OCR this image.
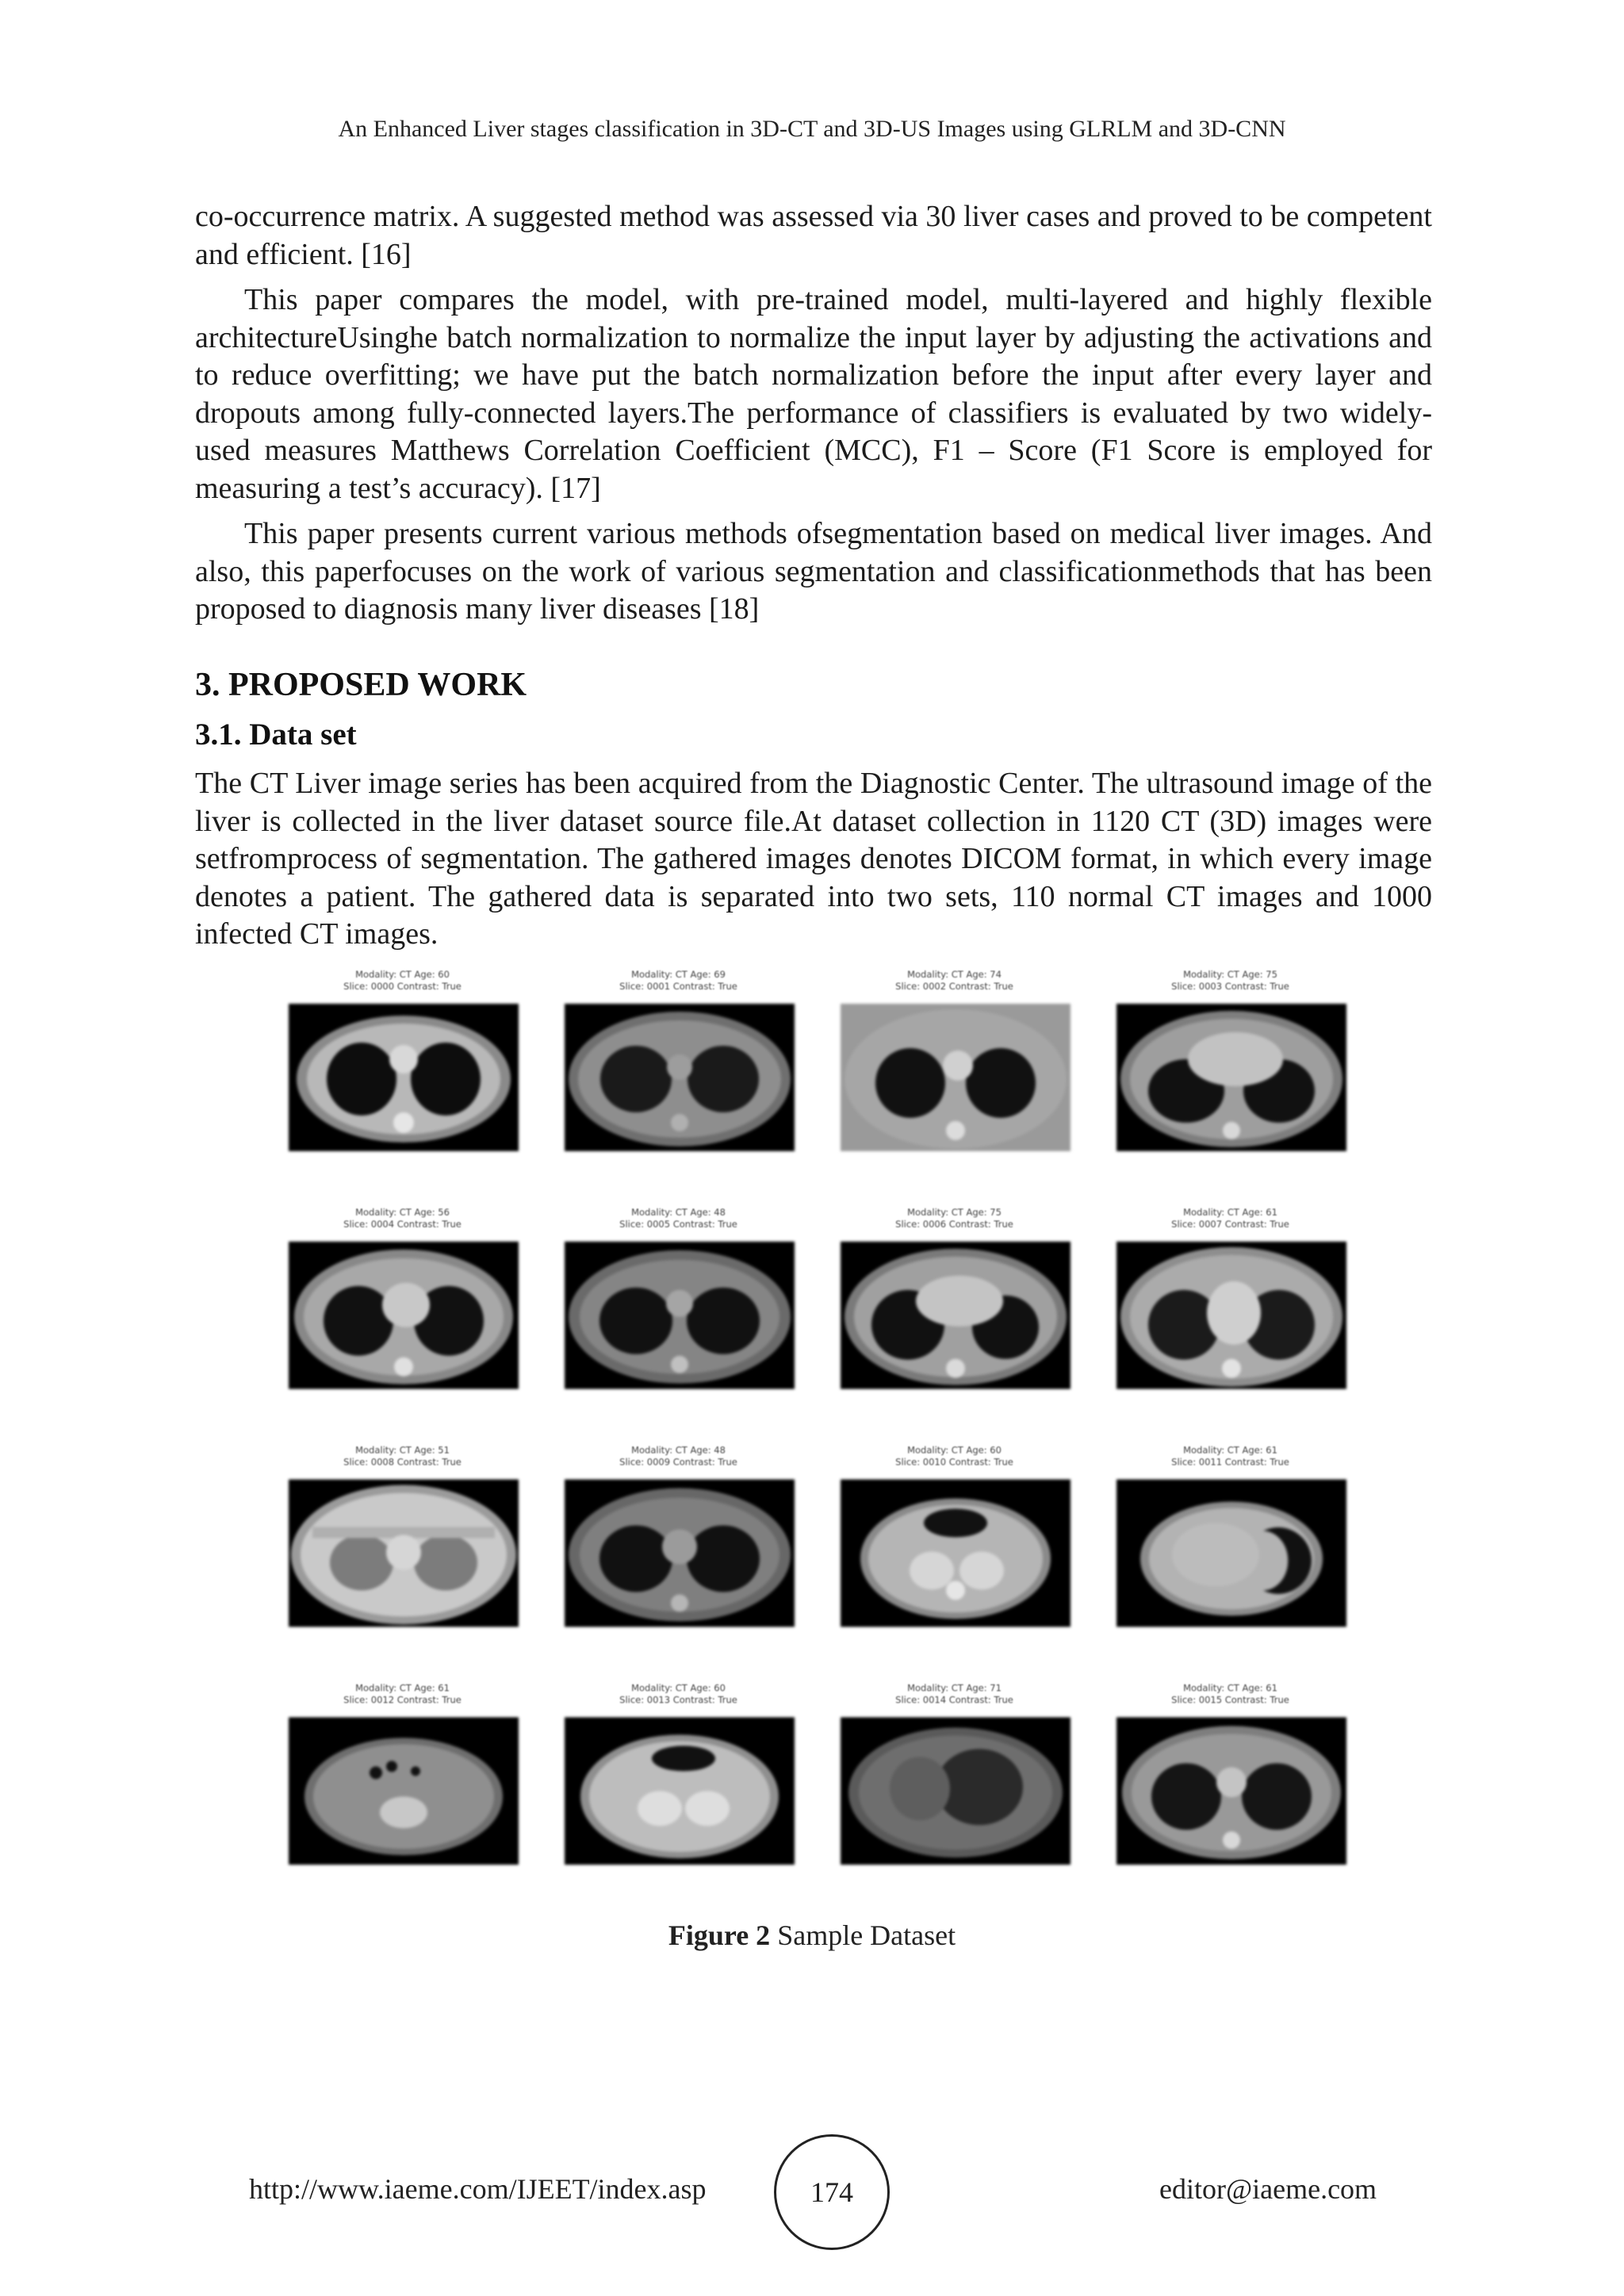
An Enhanced Liver stages classification in 3D-CT and 3D-US Images using GLRLM and 3D-CNN

co-occurrence matrix. A suggested method was assessed via 30 liver cases and proved to be competent and efficient. [16]

This paper compares the model, with pre-trained model, multi-layered and highly flexible architectureUsinghe batch normalization to normalize the input layer by adjusting the activations and to reduce overfitting; we have put the batch normalization before the input after every layer and dropouts among fully-connected layers.The performance of classifiers is evaluated by two widely-used measures Matthews Correlation Coefficient (MCC), F1 – Score (F1 Score is employed for measuring a test’s accuracy). [17]

This paper presents current various methods ofsegmentation based on medical liver images. And also, this paperfocuses on the work of various segmentation and classificationmethods that has been proposed to diagnosis many liver diseases [18]

3. PROPOSED WORK
3.1. Data set

The CT Liver image series has been acquired from the Diagnostic Center. The ultrasound image of the liver is collected in the liver dataset source file.At dataset collection in 1120 CT (3D) images were setfromprocess of segmentation. The gathered images denotes DICOM format, in which every image denotes a patient. The gathered data is separated into two sets, 110 normal CT images and 1000 infected CT images.

Modality: CT Age: 60
Slice: 0000 Contrast: True
Modality: CT Age: 69
Slice: 0001 Contrast: True
Modality: CT Age: 74
Slice: 0002 Contrast: True
Modality: CT Age: 75
Slice: 0003 Contrast: True
Modality: CT Age: 56
Slice: 0004 Contrast: True
Modality: CT Age: 48
Slice: 0005 Contrast: True
Modality: CT Age: 75
Slice: 0006 Contrast: True
Modality: CT Age: 61
Slice: 0007 Contrast: True
Modality: CT Age: 51
Slice: 0008 Contrast: True
Modality: CT Age: 48
Slice: 0009 Contrast: True
Modality: CT Age: 60
Slice: 0010 Contrast: True
Modality: CT Age: 61
Slice: 0011 Contrast: True
Modality: CT Age: 61
Slice: 0012 Contrast: True
Modality: CT Age: 60
Slice: 0013 Contrast: True
Modality: CT Age: 71
Slice: 0014 Contrast: True
Modality: CT Age: 61
Slice: 0015 Contrast: True
Figure 2 Sample Dataset
http://www.iaeme.com/IJEET/index.asp	174	editor@iaeme.com
